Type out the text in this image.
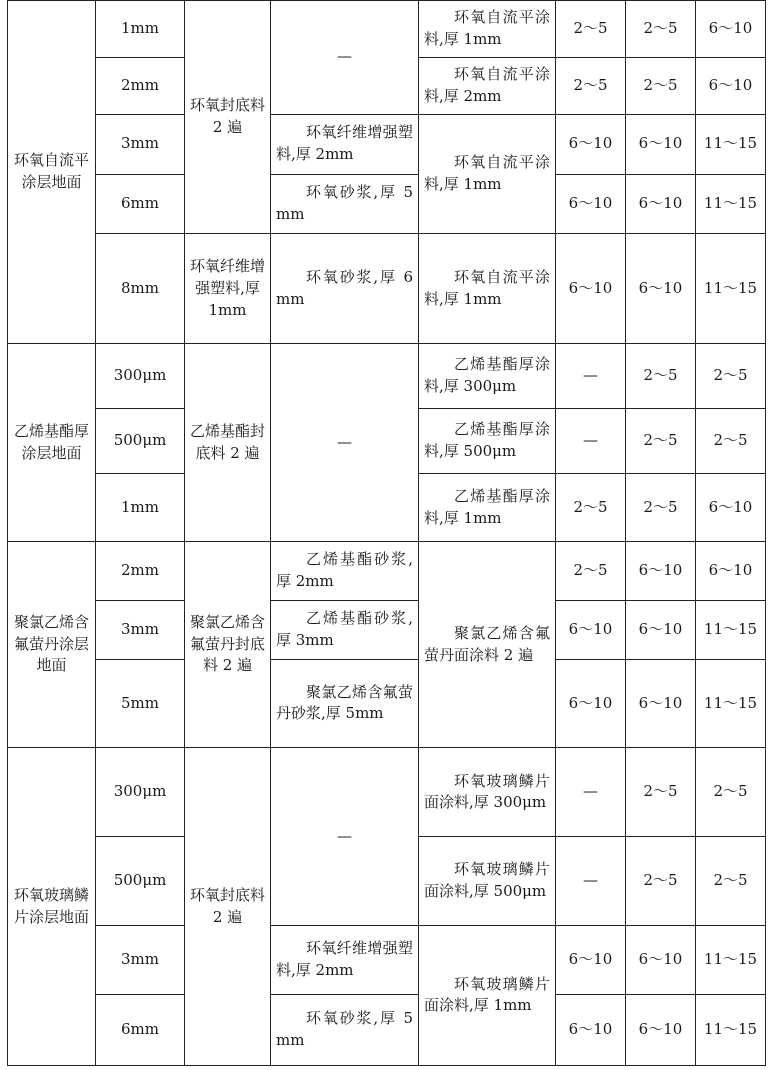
环氧自流平涂层地面	1mm	环氧封底料 2 遍	—	环氧自流平涂料,厚 1mm	2～5	2～5	6～10
	2mm			环氧自流平涂料,厚 2mm	2～5	2～5	6～10
	3mm		环氧纤维增强塑料,厚 2mm	环氧自流平涂料,厚 1mm	6～10	6～10	11～15
	6mm		环氧砂浆,厚 5mm		6～10	6～10	11～15
	8mm	环氧纤维增强塑料,厚 1mm	环氧砂浆,厚 6mm	环氧自流平涂料,厚 1mm	6～10	6～10	11～15
乙烯基酯厚涂层地面	300μm	乙烯基酯封底料 2 遍	—	乙烯基酯厚涂料,厚 300μm	—	2～5	2～5
	500μm			乙烯基酯厚涂料,厚 500μm	—	2～5	2～5
	1mm			乙烯基酯厚涂料,厚 1mm	2～5	2～5	6～10
聚氯乙烯含氟萤丹涂层地面	2mm	聚氯乙烯含氟萤丹封底料 2 遍	乙烯基酯砂浆,厚 2mm	聚氯乙烯含氟萤丹面涂料 2 遍	2～5	6～10	6～10
	3mm		乙烯基酯砂浆,厚 3mm		6～10	6～10	11～15
	5mm		聚氯乙烯含氟萤丹砂浆,厚 5mm		6～10	6～10	11～15
环氧玻璃鳞片涂层地面	300μm	环氧封底料 2 遍	—	环氧玻璃鳞片面涂料,厚 300μm	—	2～5	2～5
	500μm			环氧玻璃鳞片面涂料,厚 500μm	—	2～5	2～5
	3mm		环氧纤维增强塑料,厚 2mm	环氧玻璃鳞片面涂料,厚 1mm	6～10	6～10	11～15
	6mm		环氧砂浆,厚 5mm		6～10	6～10	11～15
